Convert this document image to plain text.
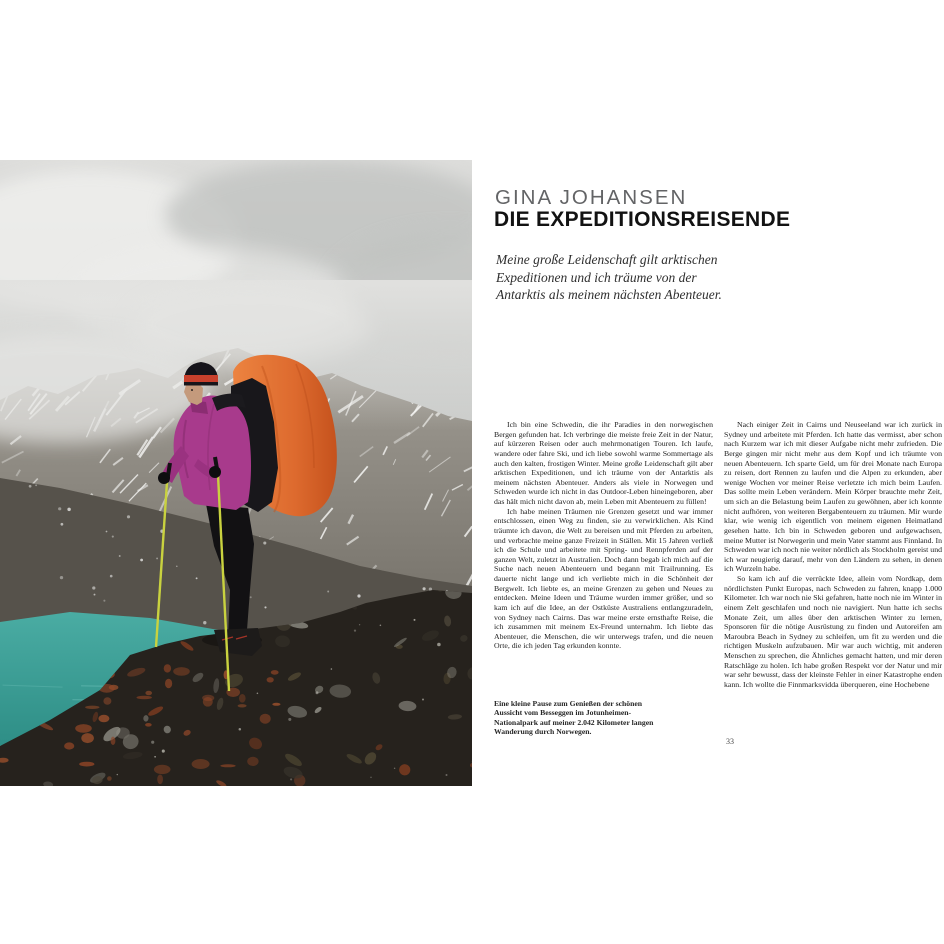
GINA JOHANSEN
DIE EXPEDITIONSREISENDE
Meine große Leidenschaft gilt arktischen
Expeditionen und ich träume von der
Antarktis als meinem nächsten Abenteuer.

Ich bin eine Schwedin, die ihr Paradies in den norwegischen Bergen gefunden hat. Ich verbringe die meiste freie Zeit in der Natur, auf kürzeren Reisen oder auch mehrmonatigen Touren. Ich laufe, wandere oder fahre Ski, und ich liebe sowohl warme Sommertage als auch den kalten, frostigen Winter. Meine große Leidenschaft gilt aber arktischen Expeditionen, und ich träume von der Antarktis als meinem nächsten Abenteuer. Anders als viele in Norwegen und Schweden wurde ich nicht in das Outdoor-Leben hineingeboren, aber das hält mich nicht davon ab, mein Leben mit Abenteuern zu füllen!

Ich habe meinen Träumen nie Grenzen gesetzt und war immer entschlossen, einen Weg zu finden, sie zu verwirklichen. Als Kind träumte ich davon, die Welt zu bereisen und mit Pferden zu arbeiten, und verbrachte meine ganze Freizeit in Ställen. Mit 15 Jahren verließ ich die Schule und arbeitete mit Spring- und Rennpferden auf der ganzen Welt, zuletzt in Australien. Doch dann begab ich mich auf die Suche nach neuen Abenteuern und begann mit Trailrunning. Es dauerte nicht lange und ich verliebte mich in die Schönheit der Bergwelt. Ich liebte es, an meine Grenzen zu gehen und Neues zu entdecken. Meine Ideen und Träume wurden immer größer, und so kam ich auf die Idee, an der Ostküste Australiens entlangzuradeln, von Sydney nach Cairns. Das war meine erste ernsthafte Reise, die ich zusammen mit meinem Ex-Freund unternahm. Ich liebte das Abenteuer, die Menschen, die wir unterwegs trafen, und die neuen Orte, die ich jeden Tag erkunden konnte.

Nach einiger Zeit in Cairns und Neuseeland war ich zurück in Sydney und arbeitete mit Pferden. Ich hatte das vermisst, aber schon nach Kurzem war ich mit dieser Aufgabe nicht mehr zufrieden. Die Berge gingen mir nicht mehr aus dem Kopf und ich träumte von neuen Abenteuern. Ich sparte Geld, um für drei Monate nach Europa zu reisen, dort Rennen zu laufen und die Alpen zu erkunden, aber wenige Wochen vor meiner Reise verletzte ich mich beim Laufen. Das sollte mein Leben verändern. Mein Körper brauchte mehr Zeit, um sich an die Belastung beim Laufen zu gewöhnen, aber ich konnte nicht aufhören, von weiteren Bergabenteuern zu träumen. Mir wurde klar, wie wenig ich eigentlich von meinem eigenen Heimatland gesehen hatte. Ich bin in Schweden geboren und aufgewachsen, meine Mutter ist Norwegerin und mein Vater stammt aus Finnland. In Schweden war ich noch nie weiter nördlich als Stockholm gereist und ich war neugierig darauf, mehr von den Ländern zu sehen, in denen ich Wurzeln habe.

So kam ich auf die verrückte Idee, allein vom Nordkap, dem nördlichsten Punkt Europas, nach Schweden zu fahren, knapp 1.000 Kilometer. Ich war noch nie Ski gefahren, hatte noch nie im Winter in einem Zelt geschlafen und noch nie navigiert. Nun hatte ich sechs Monate Zeit, um alles über den arktischen Winter zu lernen, Sponsoren für die nötige Ausrüstung zu finden und Autoreifen am Maroubra Beach in Sydney zu schleifen, um fit zu werden und die richtigen Muskeln aufzubauen. Mir war auch wichtig, mit anderen Menschen zu sprechen, die Ähnliches gemacht hatten, und mir deren Ratschläge zu holen. Ich habe großen Respekt vor der Natur und mir war sehr bewusst, dass der kleinste Fehler in einer Katastrophe enden kann. Ich wollte die Finnmarksvidda überqueren, eine Hochebene

Eine kleine Pause zum Genießen der schönen
Aussicht vom Besseggen im Jotunheimen-
Nationalpark auf meiner 2.042 Kilometer langen
Wanderung durch Norwegen.
33
